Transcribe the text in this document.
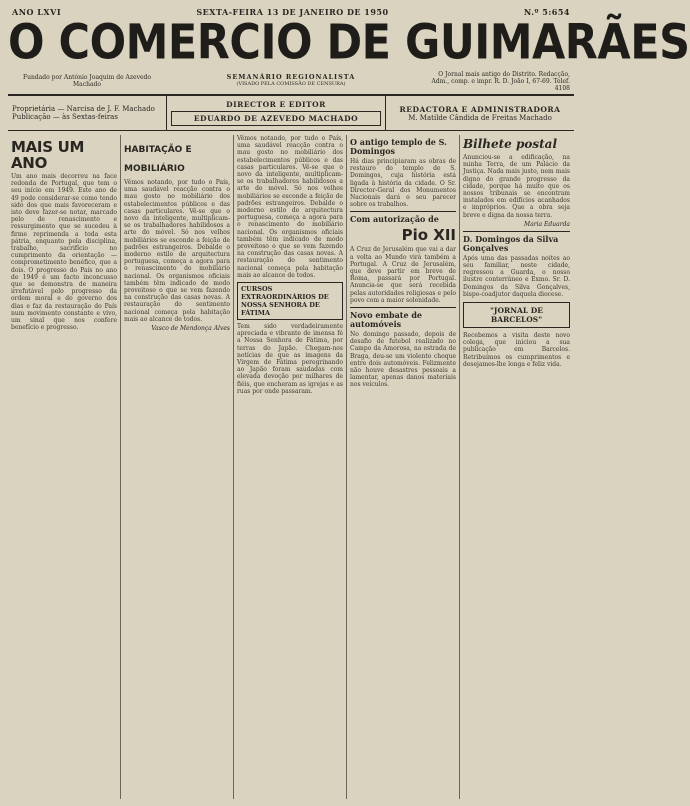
ANO LXVI	SEXTA-FEIRA 13 DE JANEIRO DE 1950	N.º 5:654
O COMERCIO DE GUIMARÃES
Fundado por António Joaquim de Azevedo Machado
SEMANÁRIO REGIONALISTA
(VISADO PELA COMISSÃO DE CENSURA)
O Jornal mais antigo do Distrito. Redacção, Adm., comp. e impr. R. D. João I, 67-69. Telef. 4108
Proprietária — Narcisa de J. F. Machado
Publicação — às Sextas-feiras
DIRECTOR E EDITOR
EDUARDO DE AZEVEDO MACHADO
REDACTORA E ADMINISTRADORA
M. Matilde Cândida de Freitas Machado
MAIS UM ANO
Um ano mais decorreu na face redonda de Portugal, que tem o seu início em 1949. Este ano de 49 pode considerar-se como tendo sido dos que mais favoreceram e isto deve fazer-se notar, marcado pelo de renascimento e ressurgimento que se sucedeu à firme reprimenda a toda esta pátria, enquanto pela disciplina, trabalho, sacrifício no cumprimento da orientação — comprometimento benéfico, que a dois. O progresso do País no ano de 1949 é um facto inconcusso que se demonstra de maneira irrefutável pelo progresso da ordem moral e do governo dos dias e faz da restauração do País num movimento constante e vivo, um sinal que nos confere benefício e progresso.
HABITAÇÃO E MOBILIÁRIO
Vêmos notando, por tudo o País, uma saudável reacção contra o mau gosto no mobiliário dos estabelecimentos públicos e das casas particulares. Vê-se que o novo da inteligente, multiplicam-se os trabalhadores habilidosos a arte do móvel. Só nos velhos mobiliários se esconde a feição de padrões estrangeiros. Debalde o moderno estilo de arquitectura portuguesa, começa a agora para o renascimento do mobiliário nacional. Os organismos oficiais também têm indicado de modo proveitoso o que se vem fazendo na construção das casas novas. A restauração do sentimento nacional começa pela habitação mais ao alcance de todos.
Vasco de Mendonça Alves
Vêmos notando, por tudo o País, uma saudável reacção contra o mau gosto no mobiliário dos estabelecimentos públicos e das casas particulares. Vê-se que o novo da inteligente, multiplicam-se os trabalhadores habilidosos a arte do móvel. Só nos velhos mobiliários se esconde a feição de padrões estrangeiros. Debalde o moderno estilo de arquitectura portuguesa, começa a agora para o renascimento do mobiliário nacional. Os organismos oficiais também têm indicado de modo proveitoso o que se vem fazendo na construção das casas novas. A restauração do sentimento nacional começa pela habitação mais ao alcance de todos.
CURSOS EXTRAORDINÁRIOS DE NOSSA SENHORA DE FÁTIMA
Tem sido verdadeiramente apreciada e vibrante de imensa fé a Nossa Senhora de Fátima, por terras do Japão. Chegam-nos notícias de que as imagens da Virgem de Fátima peregrinando ao Japão foram saudadas com elevada devoção por milhares de fiéis, que encheram as igrejas e as ruas por onde passaram.
O antigo templo de S. Domingos
Há dias principiaram as obras de restauro do templo de S. Domingos, cuja história está ligada à história da cidade. O Sr. Director-Geral dos Monumentos Nacionais dará o seu parecer sobre os trabalhos.
Com autorização de
Pio XII
A Cruz de Jerusalém que vai a dar a volta ao Mundo virá também a Portugal. A Cruz de Jerusalém, que deve partir em breve de Roma, passará por Portugal. Anuncia-se que será recebida pelas autoridades religiosas e pelo povo com a maior solenidade.
Novo embate de automóveis
No domingo passado, depois de desafio de futebol realizado no Campo da Amorosa, na estrada de Braga, deu-se um violento choque entre dois automóveis. Felizmente não houve desastres pessoais a lamentar, apenas danos materiais nos veículos.
Bilhete postal
Anunciou-se a edificação, na minha Terra, de um Palácio da Justiça. Nada mais justo, nem mais digno do grande progresso da cidade, porque há muito que os nossos tribunais se encontram instalados em edifícios acanhados e impróprios. Que a obra seja breve e digna da nossa terra.
Maria Eduarda
D. Domingos da Silva Gonçalves
Após uma das passadas noites ao seu familiar, neste cidade, regressou a Guarda, o nosso ilustre conterrâneo e Exmo. Sr. D. Domingos da Silva Gonçalves, bispo-coadjutor daquela diocese.
"JORNAL DE BARCELOS"
Recebemos a visita deste novo colega, que iniciou a sua publicação em Barcelos. Retribuímos os cumprimentos e desejamos-lhe longa e feliz vida.
